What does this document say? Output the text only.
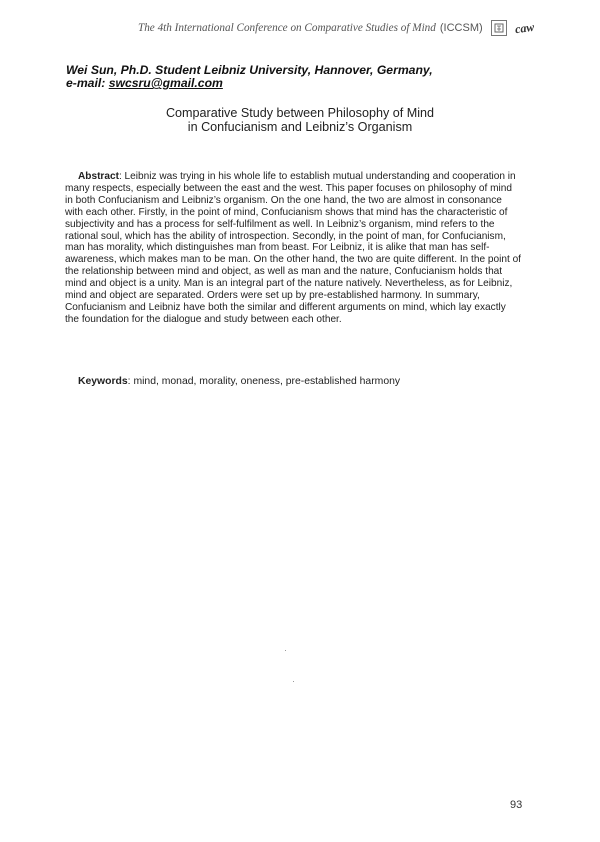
The 4th International Conference on Comparative Studies of Mind (ICCSM)	caw
Wei Sun, Ph.D. Student Leibniz University, Hannover, Germany,
e-mail: swcsru@gmail.com
Comparative Study between Philosophy of Mind
in Confucianism and Leibniz’s Organism
Abstract: Leibniz was trying in his whole life to establish mutual understanding and cooperation in many respects, especially between the east and the west. This paper focuses on philosophy of mind in both Confucianism and Leibniz’s organism. On the one hand, the two are almost in consonance with each other. Firstly, in the point of mind, Confucianism shows that mind has the characteristic of subjectivity and has a process for self-fulfilment as well. In Leibniz’s organism, mind refers to the rational soul, which has the ability of introspection. Secondly, in the point of man, for Confucianism, man has morality, which distinguishes man from beast. For Leibniz, it is alike that man has self-awareness, which makes man to be man. On the other hand, the two are quite different. In the point of the relationship between mind and object, as well as man and the nature, Confucianism holds that mind and object is a unity. Man is an integral part of the nature natively. Nevertheless, as for Leibniz, mind and object are separated. Orders were set up by pre-established harmony. In summary, Confucianism and Leibniz have both the similar and different arguments on mind, which lay exactly the foundation for the dialogue and study between each other.
Keywords: mind, monad, morality, oneness, pre-established harmony
93
